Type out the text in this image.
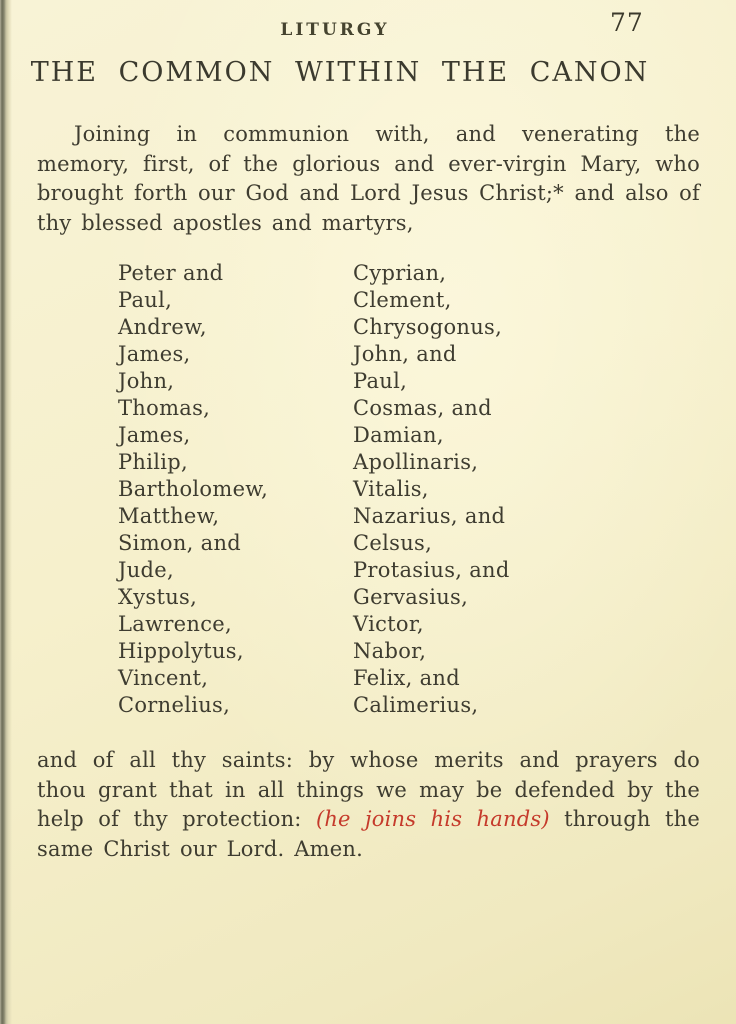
LITURGY	77
THE COMMON WITHIN THE CANON

Joining in communion with, and venerating the memory, first, of the glorious and ever-virgin Mary, who brought forth our God and Lord Jesus Christ;* and also of thy blessed apostles and martyrs,

Peter and
Paul,
Andrew,
James,
John,
Thomas,
James,
Philip,
Bartholomew,
Matthew,
Simon, and
Jude,
Xystus,
Lawrence,
Hippolytus,
Vincent,
Cornelius,
Cyprian,
Clement,
Chrysogonus,
John, and
Paul,
Cosmas, and
Damian,
Apollinaris,
Vitalis,
Nazarius, and
Celsus,
Protasius, and
Gervasius,
Victor,
Nabor,
Felix, and
Calimerius,

and of all thy saints: by whose merits and prayers do thou grant that in all things we may be defended by the help of thy protection: (he joins his hands) through the same Christ our Lord. Amen.
